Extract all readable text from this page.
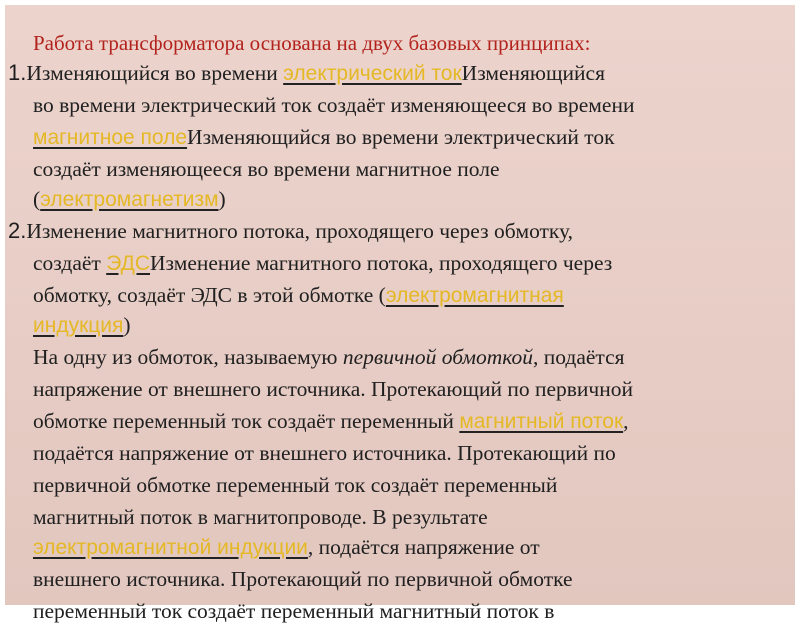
Работа трансформатора основана на двух базовых принципах:
1.Изменяющийся во времени электрический токИзменяющийся
во времени электрический ток создаёт изменяющееся во времени
магнитное полеИзменяющийся во времени электрический ток
создаёт изменяющееся во времени магнитное поле
(электромагнетизм)
2.Изменение магнитного потока, проходящего через обмотку,
создаёт ЭДСИзменение магнитного потока, проходящего через
обмотку, создаёт ЭДС в этой обмотке (электромагнитная
индукция)
На одну из обмоток, называемую первичной обмоткой, подаётся
напряжение от внешнего источника. Протекающий по первичной
обмотке переменный ток создаёт переменный магнитный поток,
подаётся напряжение от внешнего источника. Протекающий по
первичной обмотке переменный ток создаёт переменный
магнитный поток в магнитопроводе. В результате
электромагнитной индукции, подаётся напряжение от
внешнего источника. Протекающий по первичной обмотке
переменный ток создаёт переменный магнитный поток в
